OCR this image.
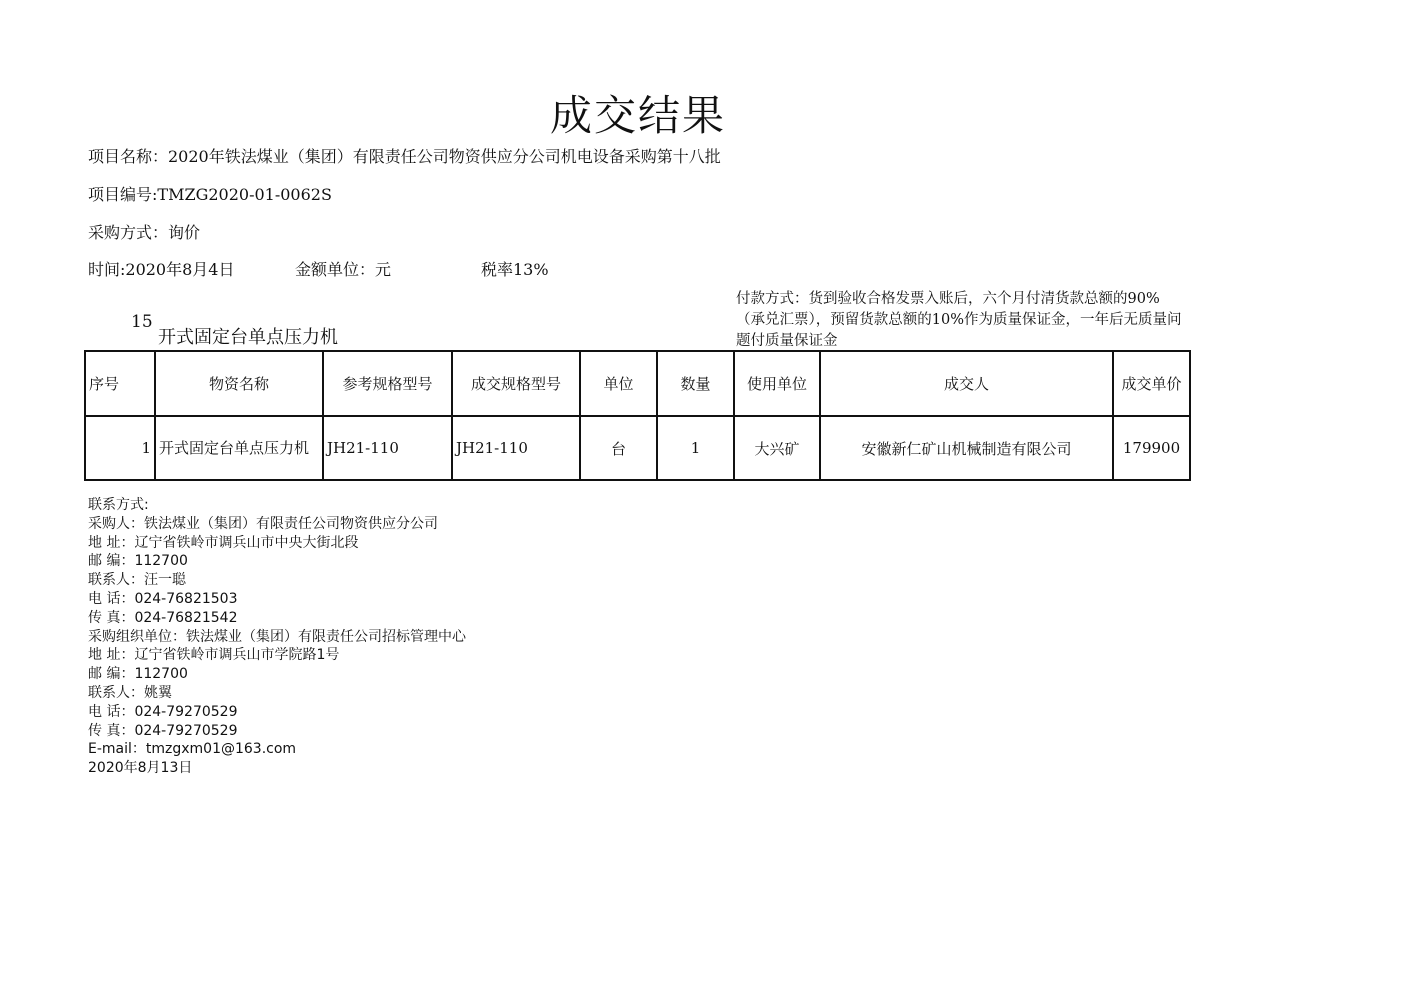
成交结果
项目名称：2020年铁法煤业（集团）有限责任公司物资供应分公司机电设备采购第十八批
项目编号:TMZG2020-01-0062S
采购方式：询价
时间:2020年8月4日	金额单位：元	税率13%
付款方式：货到验收合格发票入账后，六个月付清货款总额的90%（承兑汇票），预留货款总额的10%作为质量保证金，一年后无质量问题付质量保证金
15
开式固定台单点压力机
序号	物资名称	参考规格型号	成交规格型号	单位	数量	使用单位	成交人	成交单价
1	开式固定台单点压力机	JH21-110	JH21-110	台	1	大兴矿	安徽新仁矿山机械制造有限公司	179900
联系方式:
采购人：铁法煤业（集团）有限责任公司物资供应分公司
地 址：辽宁省铁岭市调兵山市中央大街北段
邮 编：112700
联系人：汪一聪
电 话：024-76821503
传 真：024-76821542
采购组织单位：铁法煤业（集团）有限责任公司招标管理中心
地 址：辽宁省铁岭市调兵山市学院路1号
邮 编：112700
联系人：姚翼
电 话：024-79270529
传 真：024-79270529
E-mail：tmzgxm01@163.com
2020年8月13日
